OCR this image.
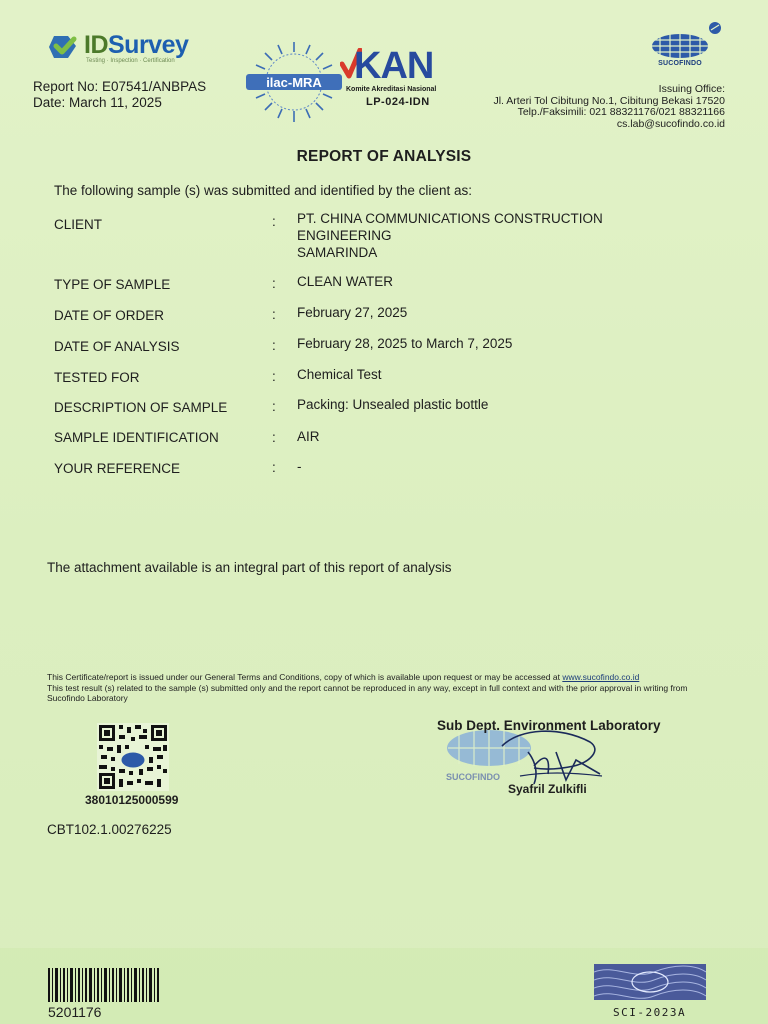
IDSurvey
Testing · Inspection · Certification
Report No: E07541/ANBPAS
Date: March 11, 2025
ilac-MRA KAN
Komite Akreditasi Nasional
LP-024-IDN
SUCOFINDO
Issuing Office:
Jl. Arteri Tol Cibitung No.1, Cibitung Bekasi 17520
Telp./Faksimili: 021 88321176/021 88321166
cs.lab@sucofindo.co.id
REPORT OF ANALYSIS
The following sample (s) was submitted and identified by the client as:
CLIENT	: PT. CHINA COMMUNICATIONS CONSTRUCTION
ENGINEERING
SAMARINDA
TYPE OF SAMPLE	: CLEAN WATER
DATE OF ORDER	: February 27, 2025
DATE OF ANALYSIS	: February 28, 2025 to March 7, 2025
TESTED FOR	: Chemical Test
DESCRIPTION OF SAMPLE	: Packing: Unsealed plastic bottle
SAMPLE IDENTIFICATION	: AIR
YOUR REFERENCE	: -
The attachment available is an integral part of this report of analysis
This Certificate/report is issued under our General Terms and Conditions, copy of which is available upon request or may be accessed at www.sucofindo.co.id
This test result (s) related to the sample (s) submitted only and the report cannot be reproduced in any way, except in full context and with the prior approval in writing from
Sucofindo Laboratory
38010125000599
CBT102.1.00276225
SUCOFINDO
Sub Dept. Environment Laboratory
Syafril Zulkifli
5201176	SCI-2023A
